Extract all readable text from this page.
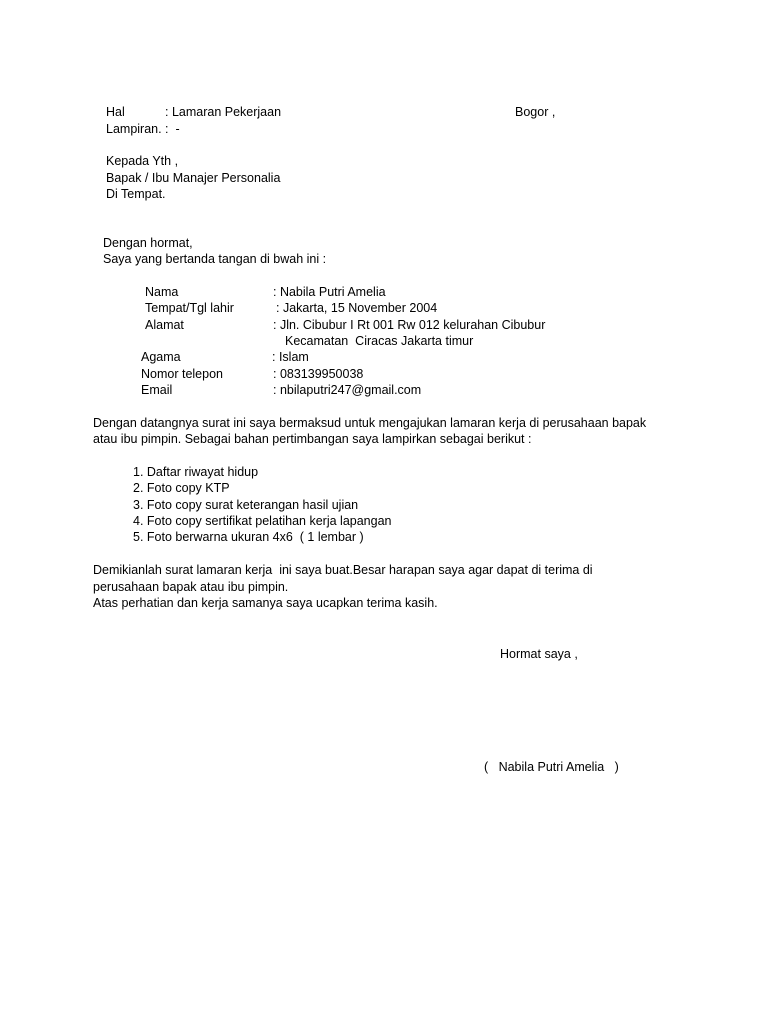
Hal	: Lamaran Pekerjaan	Bogor ,
Lampiran. :  -
Kepada Yth ,
Bapak / Ibu Manajer Personalia
Di Tempat.
Dengan hormat,
Saya yang bertanda tangan di bwah ini :
Nama	: Nabila Putri Amelia
Tempat/Tgl lahir	: Jakarta, 15 November 2004
Alamat	: Jln. Cibubur I Rt 001 Rw 012 kelurahan Cibubur
Kecamatan  Ciracas Jakarta timur
Agama	: Islam
Nomor telepon	: 083139950038
Email	: nbilaputri247@gmail.com
Dengan datangnya surat ini saya bermaksud untuk mengajukan lamaran kerja di perusahaan bapak
atau ibu pimpin. Sebagai bahan pertimbangan saya lampirkan sebagai berikut :
1. Daftar riwayat hidup
2. Foto copy KTP
3. Foto copy surat keterangan hasil ujian
4. Foto copy sertifikat pelatihan kerja lapangan
5. Foto berwarna ukuran 4x6  ( 1 lembar )
Demikianlah surat lamaran kerja  ini saya buat.Besar harapan saya agar dapat di terima di
perusahaan bapak atau ibu pimpin.
Atas perhatian dan kerja samanya saya ucapkan terima kasih.
Hormat saya ,
(   Nabila Putri Amelia   )
